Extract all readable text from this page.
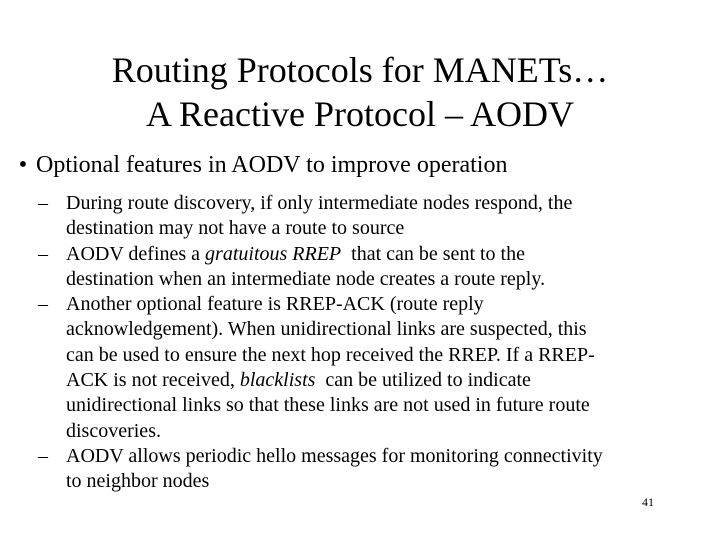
Routing Protocols for MANETs…
A Reactive Protocol – AODV
• Optional features in AODV to improve operation
– During route discovery, if only intermediate nodes respond, the
destination may not have a route to source
– AODV defines a gratuitous RREP  that can be sent to the
destination when an intermediate node creates a route reply.
– Another optional feature is RREP-ACK (route reply
acknowledgement). When unidirectional links are suspected, this
can be used to ensure the next hop received the RREP. If a RREP-
ACK is not received, blacklists  can be utilized to indicate
unidirectional links so that these links are not used in future route
discoveries.
– AODV allows periodic hello messages for monitoring connectivity
to neighbor nodes
41
